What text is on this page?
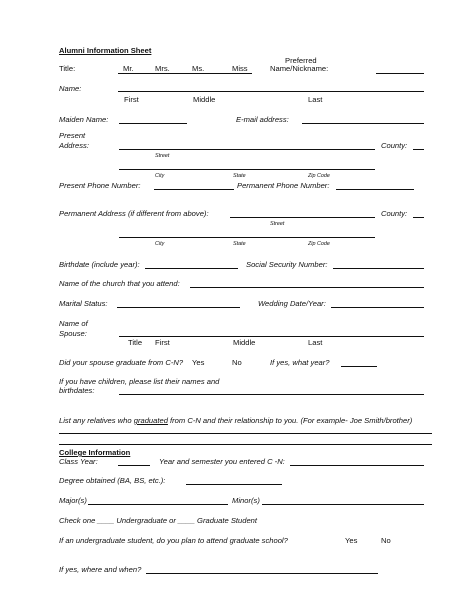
Alumni Information Sheet
Preferred
Title:	Mr.	Mrs.	Ms.	Miss	Name/Nickname:
Name:
First	Middle	Last
Maiden Name:	E-mail address:
Present
Address:	County:
Street
City	State	Zip Code
Present Phone Number:	Permanent Phone Number:
Permanent Address (if different from above):	County:
Street
City	State	Zip Code
Birthdate (include year):	Social Security Number:
Name of the church that you attend:
Marital Status:	Wedding Date/Year:
Name of
Spouse:
Title First	Middle	Last
Did your spouse graduate from C-N? Yes	No	If yes, what year?
If you have children, please list their names and
birthdates:
List any relatives who graduated from C-N and their relationship to you. (For example- Joe Smith/brother)
College Information
Class Year:	Year and semester you entered C -N:
Degree obtained (BA, BS, etc.):
Major(s)	Minor(s)
Check one ____ Undergraduate or ____ Graduate Student
If an undergraduate student, do you plan to attend graduate school?	Yes	No
If yes, where and when?
